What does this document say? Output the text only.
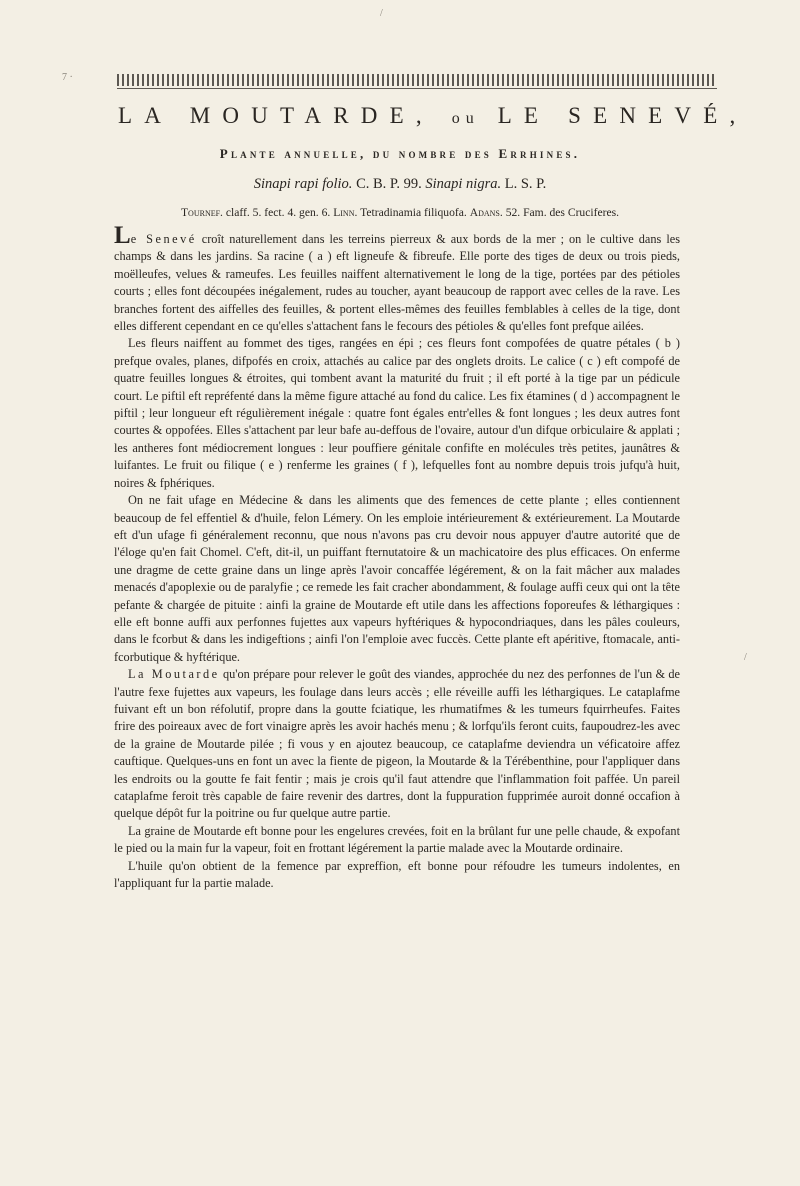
/
7 ·
/
LA MOUTARDE, ou LE SENEVÉ,
Plante annuelle, du nombre des Errhines.
Sinapi rapi folio. C. B. P. 99. Sinapi nigra. L. S. P.
Tournef. claff. 5. fect. 4. gen. 6. Linn. Tetradinamia filiquofa. Adans. 52. Fam. des Cruciferes.

Le Senevé croît naturellement dans les terreins pierreux & aux bords de la mer ; on le cultive dans les champs & dans les jardins. Sa racine ( a ) eft ligneufe & fibreufe. Elle porte des tiges de deux ou trois pieds, moëlleufes, velues & rameufes. Les feuilles naiffent alternativement le long de la tige, portées par des pétioles courts ; elles font découpées inégalement, rudes au toucher, ayant beaucoup de rapport avec celles de la rave. Les branches fortent des aiffelles des feuilles, & portent elles-mêmes des feuilles femblables à celles de la tige, dont elles different cependant en ce qu'elles s'attachent fans le fecours des pétioles & qu'elles font prefque ailées.

Les fleurs naiffent au fommet des tiges, rangées en épi ; ces fleurs font compofées de quatre pétales ( b ) prefque ovales, planes, difpofés en croix, attachés au calice par des onglets droits. Le calice ( c ) eft compofé de quatre feuilles longues & étroites, qui tombent avant la maturité du fruit ; il eft porté à la tige par un pédicule court. Le piftil eft repréfenté dans la même figure attaché au fond du calice. Les fix étamines ( d ) accompagnent le piftil ; leur longueur eft régulièrement inégale : quatre font égales entr'elles & font longues ; les deux autres font courtes & oppofées. Elles s'attachent par leur bafe au-deffous de l'ovaire, autour d'un difque orbiculaire & applati ; les antheres font médiocrement longues : leur pouffiere génitale confifte en molécules très petites, jaunâtres & luifantes. Le fruit ou filique ( e ) renferme les graines ( f ), lefquelles font au nombre depuis trois jufqu'à huit, noires & fphériques.

On ne fait ufage en Médecine & dans les aliments que des femences de cette plante ; elles contiennent beaucoup de fel effentiel & d'huile, felon Lémery. On les emploie intérieurement & extérieurement. La Moutarde eft d'un ufage fi généralement reconnu, que nous n'avons pas cru devoir nous appuyer d'autre autorité que de l'éloge qu'en fait Chomel. C'eft, dit-il, un puiffant fternutatoire & un machicatoire des plus efficaces. On enferme une dragme de cette graine dans un linge après l'avoir concaffée légérement, & on la fait mâcher aux malades menacés d'apoplexie ou de paralyfie ; ce remede les fait cracher abondamment, & foulage auffi ceux qui ont la tête pefante & chargée de pituite : ainfi la graine de Moutarde eft utile dans les affections foporeufes & léthargiques : elle eft bonne auffi aux perfonnes fujettes aux vapeurs hyftériques & hypocondriaques, dans les pâles couleurs, dans le fcorbut & dans les indigeftions ; ainfi l'on l'emploie avec fuccès. Cette plante eft apéritive, ftomacale, anti-fcorbutique & hyftérique.

La Moutarde qu'on prépare pour relever le goût des viandes, approchée du nez des perfonnes de l'un & de l'autre fexe fujettes aux vapeurs, les foulage dans leurs accès ; elle réveille auffi les léthargiques. Le cataplafme fuivant eft un bon réfolutif, propre dans la goutte fciatique, les rhumatifmes & les tumeurs fquirrheufes. Faites frire des poireaux avec de fort vinaigre après les avoir hachés menu ; & lorfqu'ils feront cuits, faupoudrez-les avec de la graine de Moutarde pilée ; fi vous y en ajoutez beaucoup, ce cataplafme deviendra un véficatoire affez cauftique. Quelques-uns en font un avec la fiente de pigeon, la Moutarde & la Térébenthine, pour l'appliquer dans les endroits ou la goutte fe fait fentir ; mais je crois qu'il faut attendre que l'inflammation foit paffée. Un pareil cataplafme feroit très capable de faire revenir des dartres, dont la fuppuration fupprimée auroit donné occafion à quelque dépôt fur la poitrine ou fur quelque autre partie.

La graine de Moutarde eft bonne pour les engelures crevées, foit en la brûlant fur une pelle chaude, & expofant le pied ou la main fur la vapeur, foit en frottant légérement la partie malade avec la Moutarde ordinaire.

L'huile qu'on obtient de la femence par expreffion, eft bonne pour réfoudre les tumeurs indolentes, en l'appliquant fur la partie malade.
